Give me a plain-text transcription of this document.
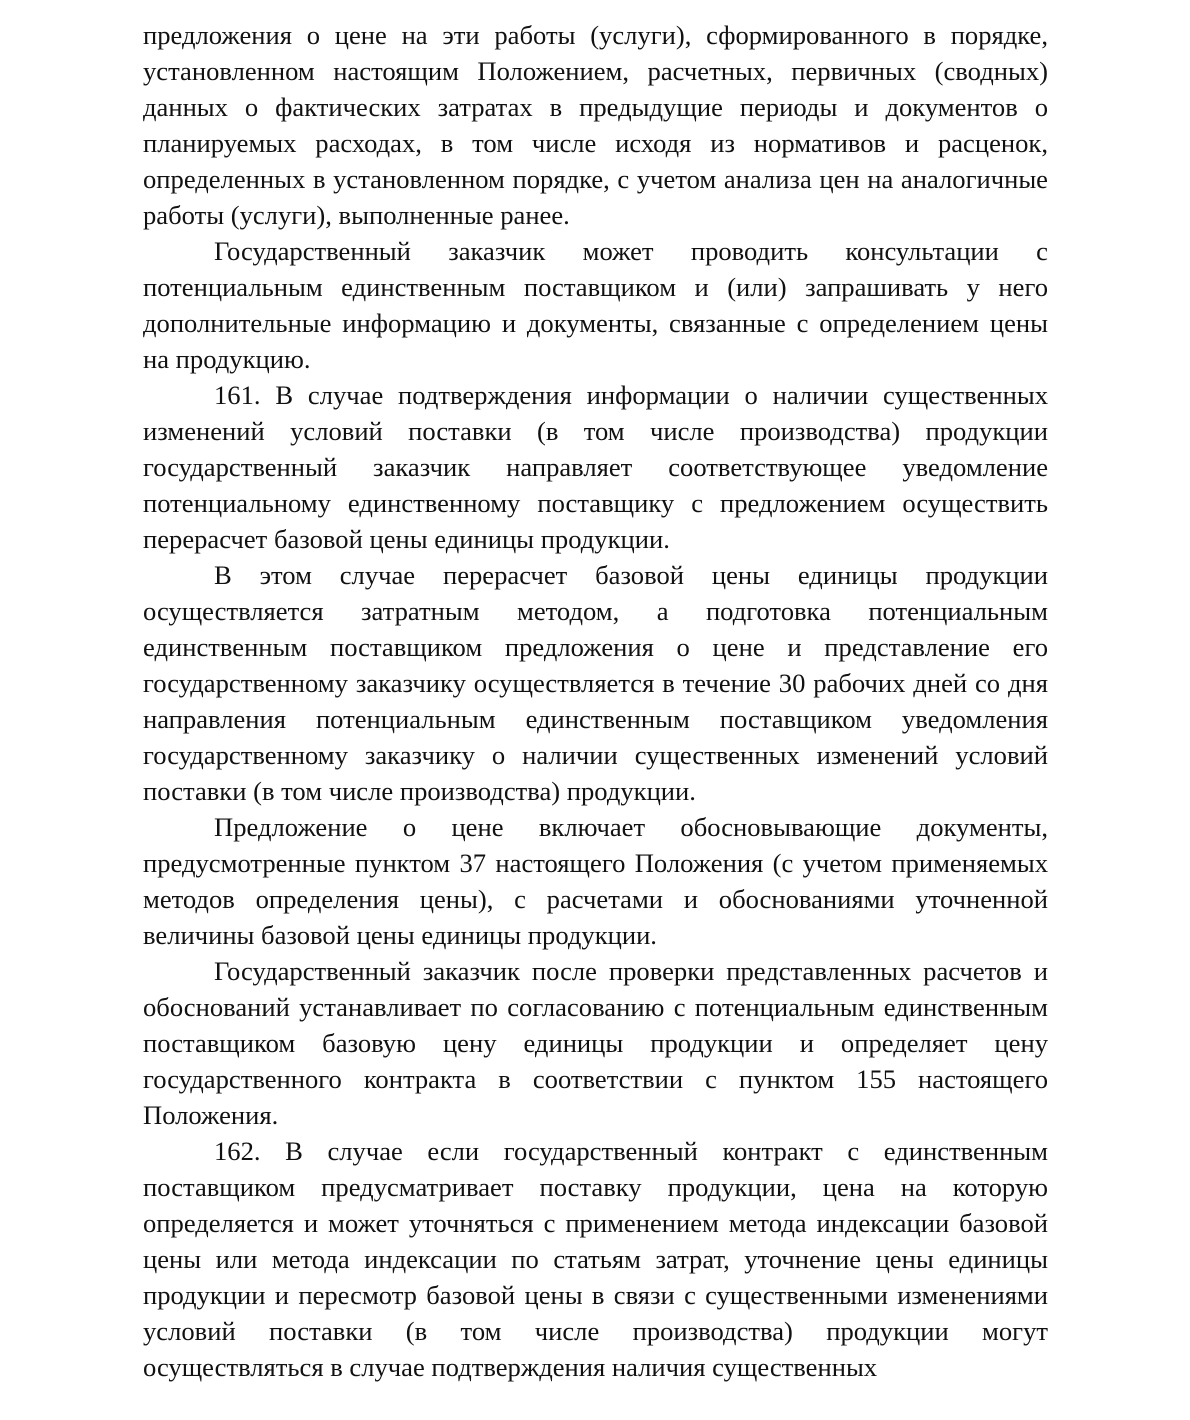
предложения о цене на эти работы (услуги), сформированного в порядке, установленном настоящим Положением, расчетных, первичных (сводных) данных о фактических затратах в предыдущие периоды и документов о планируемых расходах, в том числе исходя из нормативов и расценок, определенных в установленном порядке, с учетом анализа цен на аналогичные работы (услуги), выполненные ранее.

Государственный заказчик может проводить консультации с потенциальным единственным поставщиком и (или) запрашивать у него дополнительные информацию и документы, связанные с определением цены на продукцию.

161. В случае подтверждения информации о наличии существенных изменений условий поставки (в том числе производства) продукции государственный заказчик направляет соответствующее уведомление потенциальному единственному поставщику с предложением осуществить перерасчет базовой цены единицы продукции.

В этом случае перерасчет базовой цены единицы продукции осуществляется затратным методом, а подготовка потенциальным единственным поставщиком предложения о цене и представление его государственному заказчику осуществляется в течение 30 рабочих дней со дня направления потенциальным единственным поставщиком уведомления государственному заказчику о наличии существенных изменений условий поставки (в том числе производства) продукции.

Предложение о цене включает обосновывающие документы, предусмотренные пунктом 37 настоящего Положения (с учетом применяемых методов определения цены), с расчетами и обоснованиями уточненной величины базовой цены единицы продукции.

Государственный заказчик после проверки представленных расчетов и обоснований устанавливает по согласованию с потенциальным единственным поставщиком базовую цену единицы продукции и определяет цену государственного контракта в соответствии с пунктом 155 настоящего Положения.

162. В случае если государственный контракт с единственным поставщиком предусматривает поставку продукции, цена на которую определяется и может уточняться с применением метода индексации базовой цены или метода индексации по статьям затрат, уточнение цены единицы продукции и пересмотр базовой цены в связи с существенными изменениями условий поставки (в том числе производства) продукции могут осуществляться в случае подтверждения наличия существенных
